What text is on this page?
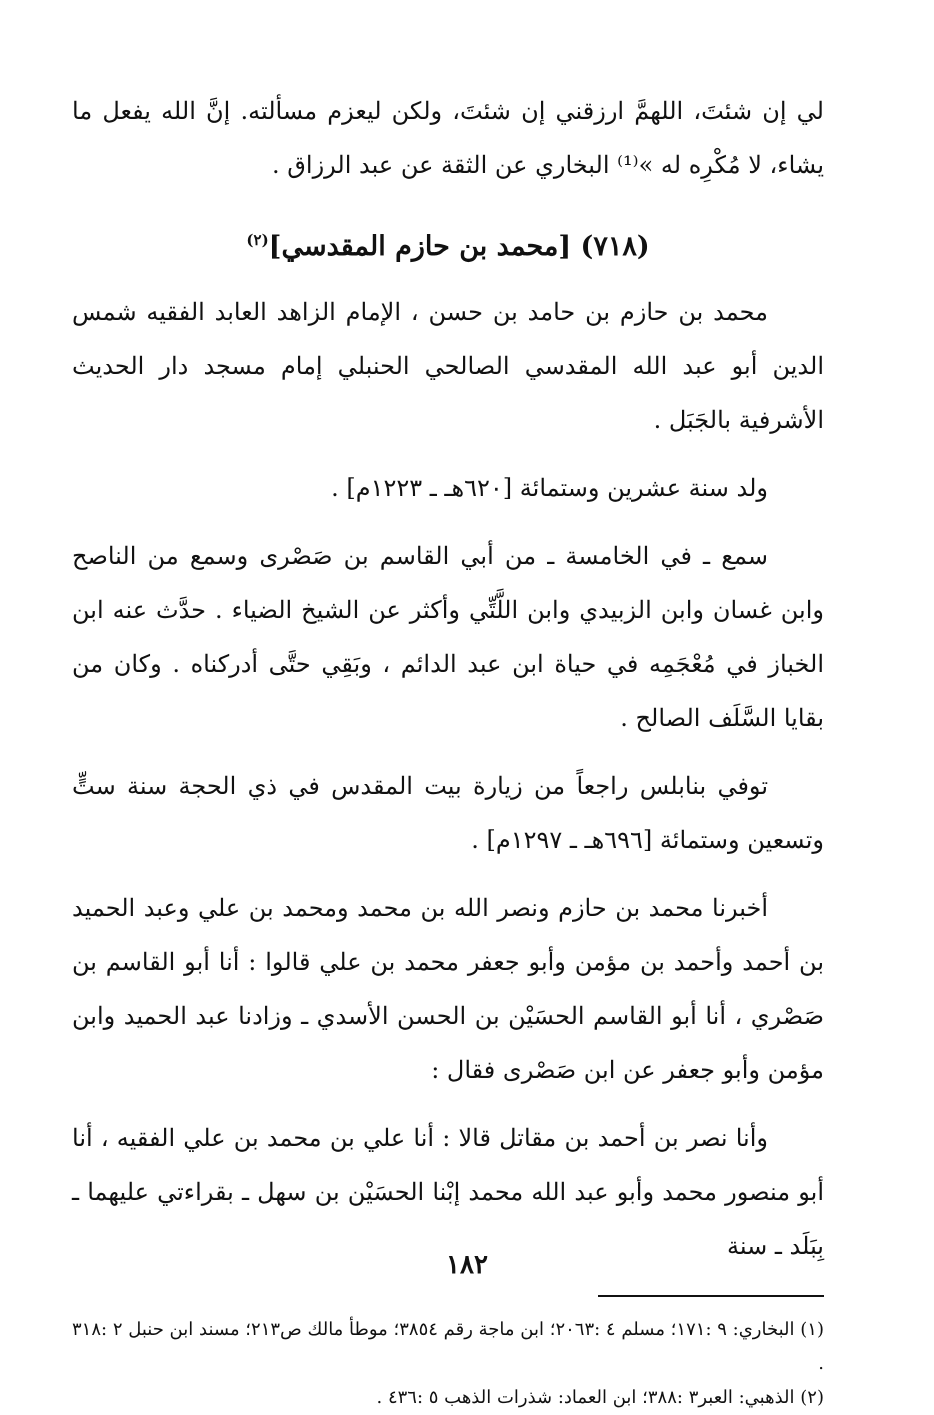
لي إن شئتَ، اللهمَّ ارزقني إن شئتَ، ولكن ليعزم مسألته. إنَّ الله يفعل ما يشاء، لا مُكْرِه له »⁽¹⁾ البخاري عن الثقة عن عبد الرزاق .

(٧١٨) [محمد بن حازم المقدسي]$^{(٢)}$

محمد بن حازم بن حامد بن حسن ، الإمام الزاهد العابد الفقيه شمس الدين أبو عبد الله المقدسي الصالحي الحنبلي إمام مسجد دار الحديث الأشرفية بالجَبَل .

ولد سنة عشرين وستمائة [٦٢٠هـ ـ ١٢٢٣م] .

سمع ـ في الخامسة ـ من أبي القاسم بن صَصْرى وسمع من الناصح وابن غسان وابن الزبيدي وابن اللَّتِّي وأكثر عن الشيخ الضياء . حدَّث عنه ابن الخباز في مُعْجَمِه في حياة ابن عبد الدائم ، وبَقِي حتَّى أدركناه . وكان من بقايا السَّلَف الصالح .

توفي بنابلس راجعاً من زيارة بيت المقدس في ذي الحجة سنة ستٍّ وتسعين وستمائة [٦٩٦هـ ـ ١٢٩٧م] .

أخبرنا محمد بن حازم ونصر الله بن محمد ومحمد بن علي وعبد الحميد بن أحمد وأحمد بن مؤمن وأبو جعفر محمد بن علي قالوا : أنا أبو القاسم بن صَصْري ، أنا أبو القاسم الحسَيْن بن الحسن الأسدي ـ وزادنا عبد الحميد وابن مؤمن وأبو جعفر عن ابن صَصْرى فقال :

وأنا نصر بن أحمد بن مقاتل قالا : أنا علي بن محمد بن علي الفقيه ، أنا أبو منصور محمد وأبو عبد الله محمد إبْنا الحسَيْن بن سهل ـ بقراءتي عليهما ـ بِبَلَد ـ سنة

(١) البخاري: ٩ :١٧١؛ مسلم ٤ :٢٠٦٣؛ ابن ماجة رقم ٣٨٥٤؛ موطأ مالك ص٢١٣؛ مسند ابن حنبل ٢ :٣١٨ .

(٢) الذهبي: العبر٣ :٣٨٨؛ ابن العماد: شذرات الذهب ٥ :٤٣٦ .

١٨٢
